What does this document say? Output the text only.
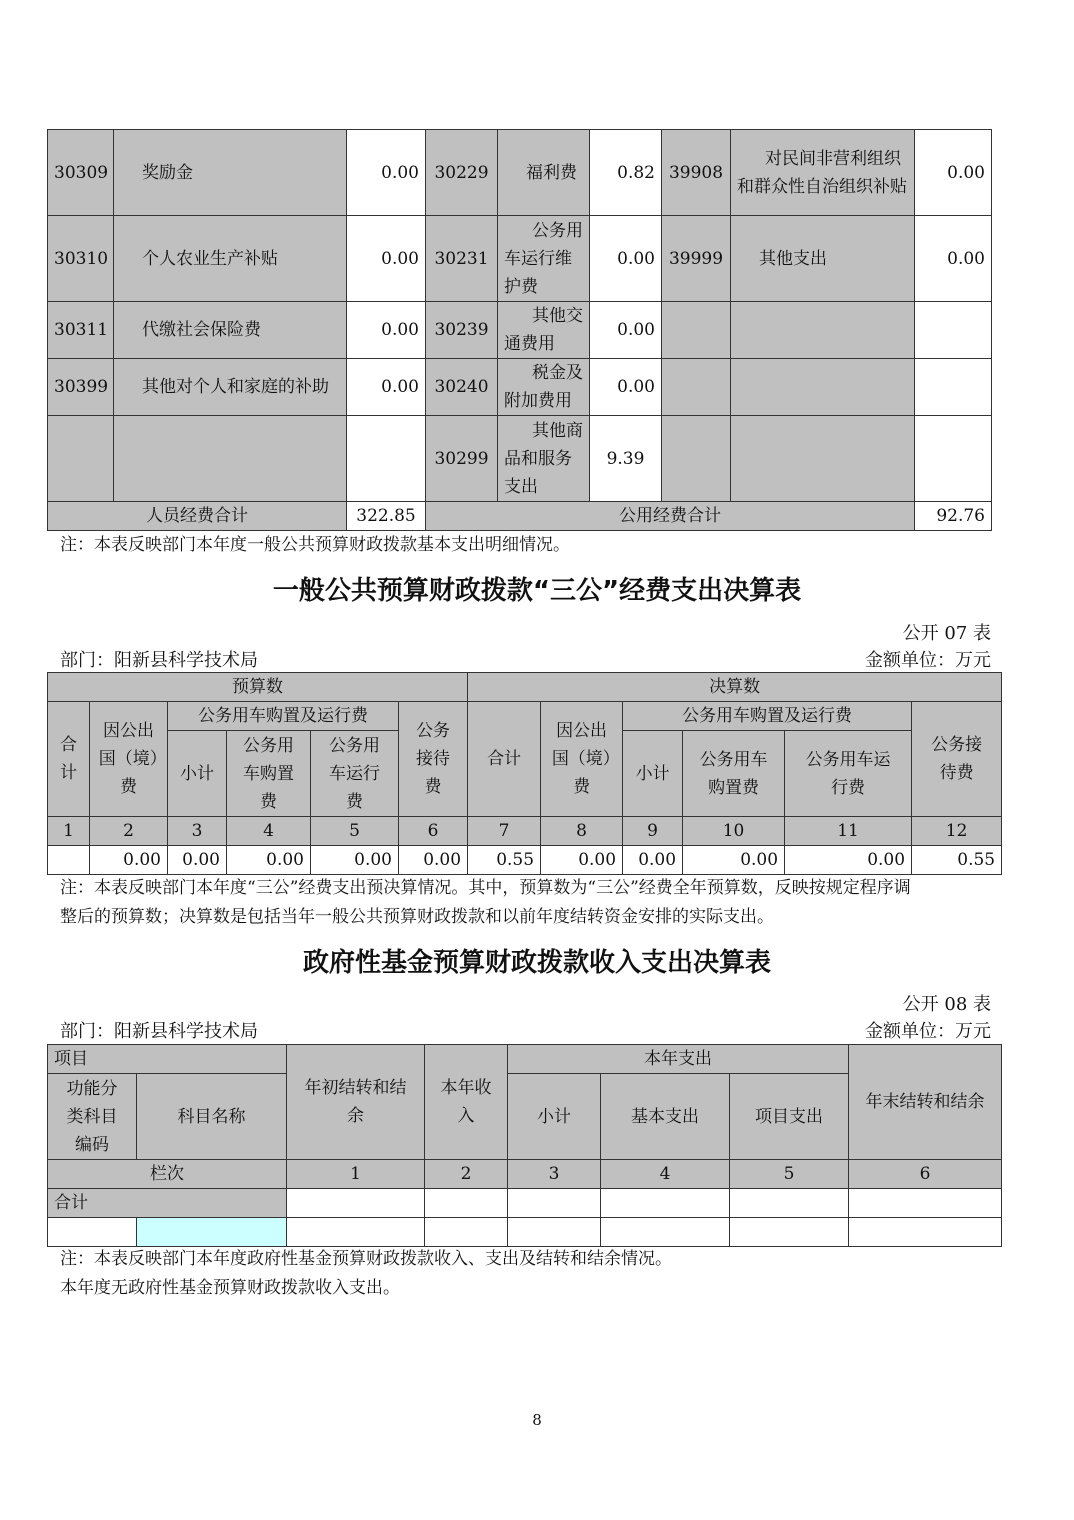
30309	奖励金	0.00	30229	福利费	0.82	39908	对民间非营利组织和群众性自治组织补贴	0.00
30310	个人农业生产补贴	0.00	30231	公务用车运行维护费	0.00	39999	其他支出	0.00
30311	代缴社会保险费	0.00	30239	其他交通费用	0.00			
30399	其他对个人和家庭的补助	0.00	30240	税金及附加费用	0.00			
			30299	其他商品和服务支出	9.39			
人员经费合计		322.85	公用经费合计					92.76
注：本表反映部门本年度一般公共预算财政拨款基本支出明细情况。
一般公共预算财政拨款“三公”经费支出决算表
公开 07 表
部门：阳新县科学技术局	金额单位：万元
预算数						决算数					
合计	因公出国（境）费	公务用车购置及运行费			公务接待费	合计	因公出国（境）费	公务用车购置及运行费			公务接待费
		小计	公务用车购置费	公务用车运行费				小计	公务用车购置费	公务用车运行费	
1	2	3	4	5	6	7	8	9	10	11	12
	0.00	0.00	0.00	0.00	0.00	0.55	0.00	0.00	0.00	0.00	0.55
注：本表反映部门本年度“三公”经费支出预决算情况。其中，预算数为“三公”经费全年预算数，反映按规定程序调
整后的预算数；决算数是包括当年一般公共预算财政拨款和以前年度结转资金安排的实际支出。
政府性基金预算财政拨款收入支出决算表
公开 08 表
部门：阳新县科学技术局	金额单位：万元
项目		年初结转和结余	本年收入	本年支出			年末结转和结余
功能分类科目编码	科目名称			小计	基本支出	项目支出	
栏次		1	2	3	4	5	6
合计							

注：本表反映部门本年度政府性基金预算财政拨款收入、支出及结转和结余情况。
本年度无政府性基金预算财政拨款收入支出。
8
